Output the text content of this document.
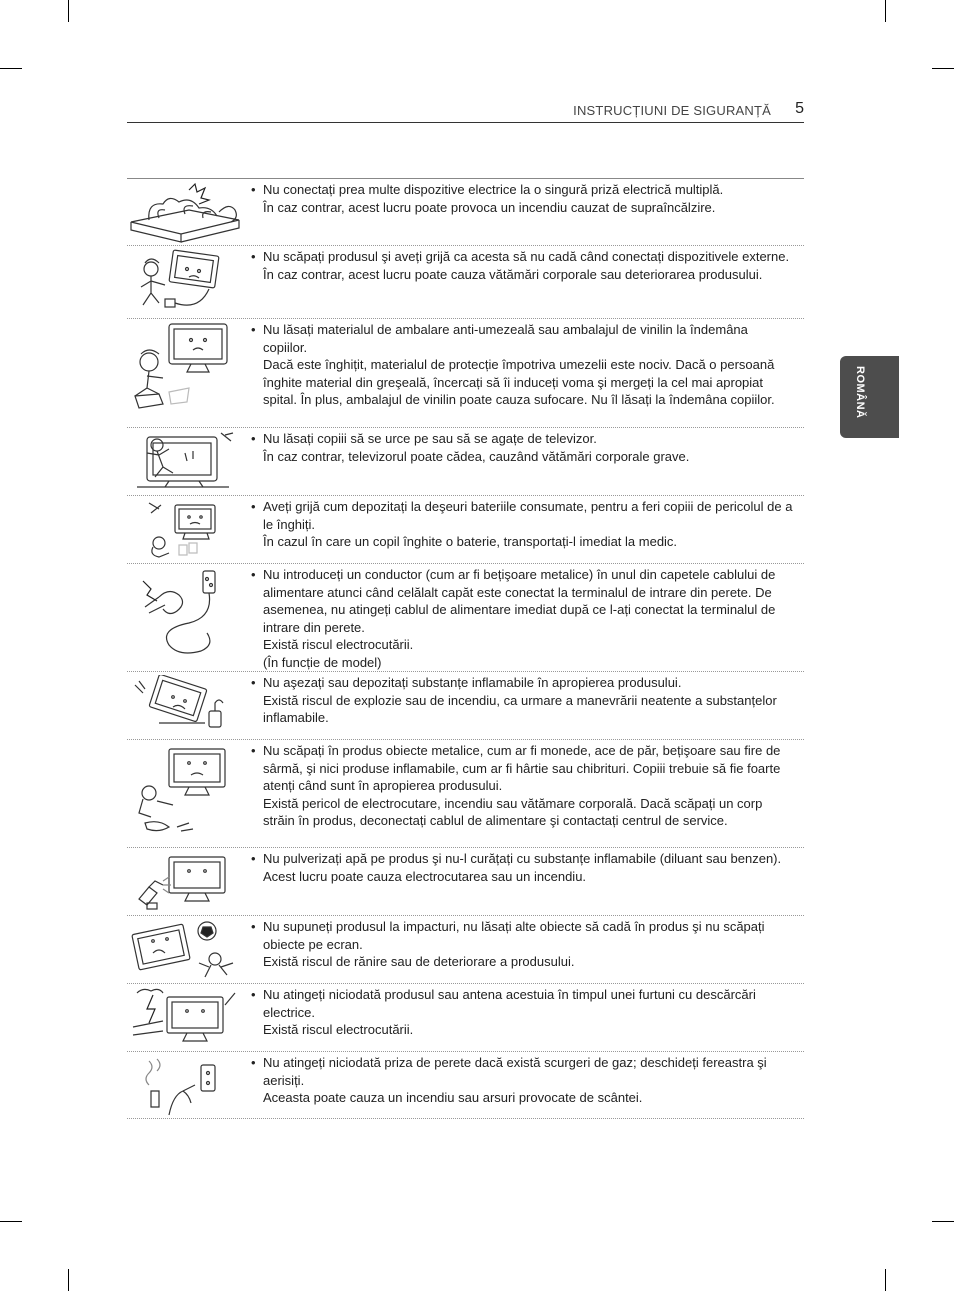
INSTRUCȚIUNI DE SIGURANȚĂ 5
ROMÂNĂ
• Nu conectați prea multe dispozitive electrice la o singură priză electrică multiplă.

În caz contrar, acest lucru poate provoca un incendiu cauzat de supraîncălzire.

• Nu scăpați produsul şi aveți grijă ca acesta să nu cadă când conectați dispozitivele externe.

În caz contrar, acest lucru poate cauza vătămări corporale sau deteriorarea produsului.

• Nu lăsați materialul de ambalare anti-umezeală sau ambalajul de vinilin la îndemâna copiilor.

Dacă este înghițit, materialul de protecție împotriva umezelii este nociv. Dacă o persoană înghite material din greşeală, încercați să îi induceți voma şi mergeți la cel mai apropiat spital. În plus, ambalajul de vinilin poate cauza sufocare. Nu îl lăsați la îndemâna copiilor.

• Nu lăsați copiii să se urce pe sau să se agațe de televizor.

În caz contrar, televizorul poate cădea, cauzând vătămări corporale grave.

• Aveți grijă cum depozitați la deşeuri bateriile consumate, pentru a feri copiii de pericolul de a le înghiți.

În cazul în care un copil înghite o baterie, transportați-l imediat la medic.

• Nu introduceți un conductor (cum ar fi bețişoare metalice) în unul din capetele cablului de alimentare atunci când celălalt capăt este conectat la terminalul de intrare din perete. De asemenea, nu atingeți cablul de alimentare imediat după ce l-ați conectat la terminalul de intrare din perete.

Există riscul electrocutării.

(În funcție de model)

• Nu aşezați sau depozitați substanțe inflamabile în apropierea produsului.

Există riscul de explozie sau de incendiu, ca urmare a manevrării neatente a substanțelor inflamabile.

• Nu scăpați în produs obiecte metalice, cum ar fi monede, ace de păr, bețişoare sau fire de sârmă, şi nici produse inflamabile, cum ar fi hârtie sau chibrituri. Copiii trebuie să fie foarte atenți când sunt în apropierea produsului.

Există pericol de electrocutare, incendiu sau vătămare corporală. Dacă scăpați un corp străin în produs, deconectați cablul de alimentare şi contactați centrul de service.

• Nu pulverizați apă pe produs şi nu-l curățați cu substanțe inflamabile (diluant sau benzen). Acest lucru poate cauza electrocutarea sau un incendiu.

• Nu supuneți produsul la impacturi, nu lăsați alte obiecte să cadă în produs şi nu scăpați obiecte pe ecran.

Există riscul de rănire sau de deteriorare a produsului.

• Nu atingeți niciodată produsul sau antena acestuia în timpul unei furtuni cu descărcări electrice.

Există riscul electrocutării.

• Nu atingeți niciodată priza de perete dacă există scurgeri de gaz; deschideți fereastra şi aerisiți.

Aceasta poate cauza un incendiu sau arsuri provocate de scântei.
